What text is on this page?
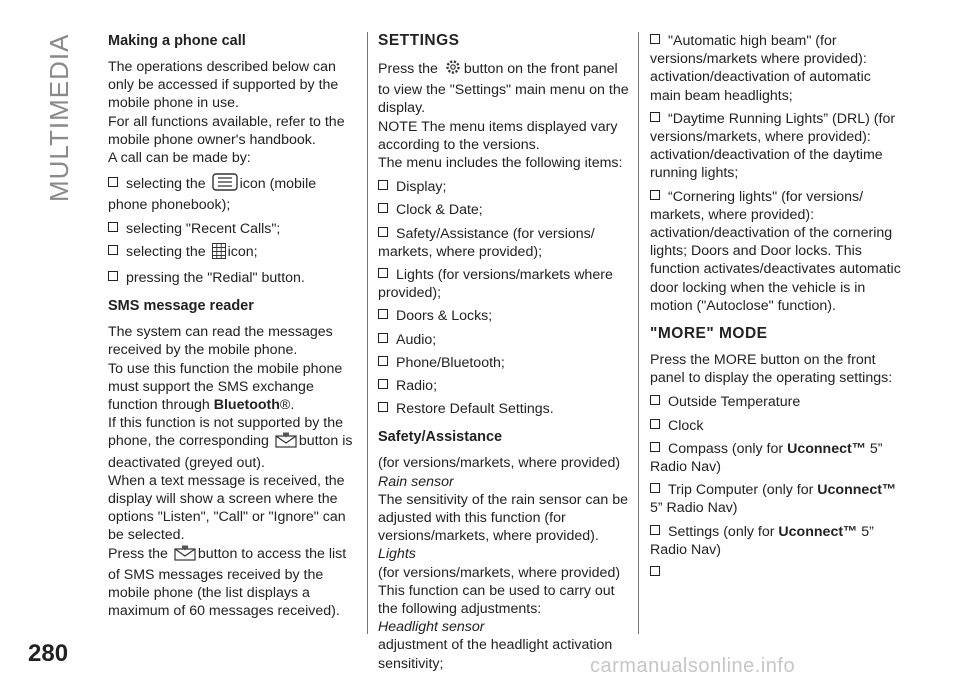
MULTIMEDIA
280
Making a phone call

The operations described below can only be accessed if supported by the mobile phone in use.

For all functions available, refer to the mobile phone owner's handbook.

A call can be made by:

selecting the icon (mobile phone phonebook);
selecting "Recent Calls";
selecting the icon;
pressing the "Redial" button.
SMS message reader

The system can read the messages received by the mobile phone.

To use this function the mobile phone must support the SMS exchange function through Bluetooth®.

If this function is not supported by the phone, the corresponding button is deactivated (greyed out).

When a text message is received, the display will show a screen where the options "Listen", "Call" or "Ignore" can be selected.

Press the button to access the list of SMS messages received by the mobile phone (the list displays a maximum of 60 messages received).

SETTINGS

Press the button on the front panel to view the "Settings" main menu on the display.

NOTE The menu items displayed vary according to the versions.

The menu includes the following items:

Display;
Clock & Date;
Safety/Assistance (for versions/ markets, where provided);
Lights (for versions/markets where provided);
Doors & Locks;
Audio;
Phone/Bluetooth;
Radio;
Restore Default Settings.
Safety/Assistance

(for versions/markets, where provided)

Rain sensor

The sensitivity of the rain sensor can be adjusted with this function (for versions/markets, where provided).

Lights

(for versions/markets, where provided)

This function can be used to carry out the following adjustments:

Headlight sensor

adjustment of the headlight activation sensitivity;

"Automatic high beam" (for versions/markets where provided): activation/deactivation of automatic main beam headlights;
“Daytime Running Lights” (DRL) (for versions/markets, where provided): activation/deactivation of the daytime running lights;
“Cornering lights" (for versions/ markets, where provided): activation/deactivation of the cornering lights; Doors and Door locks. This function activates/deactivates automatic door locking when the vehicle is in motion ("Autoclose" function).
"MORE" MODE

Press the MORE button on the front panel to display the operating settings:

Outside Temperature
Clock
Compass (only for Uconnect™ 5” Radio Nav)
Trip Computer (only for Uconnect™ 5” Radio Nav)
Settings (only for Uconnect™ 5” Radio Nav)
carmanualsonline.info
